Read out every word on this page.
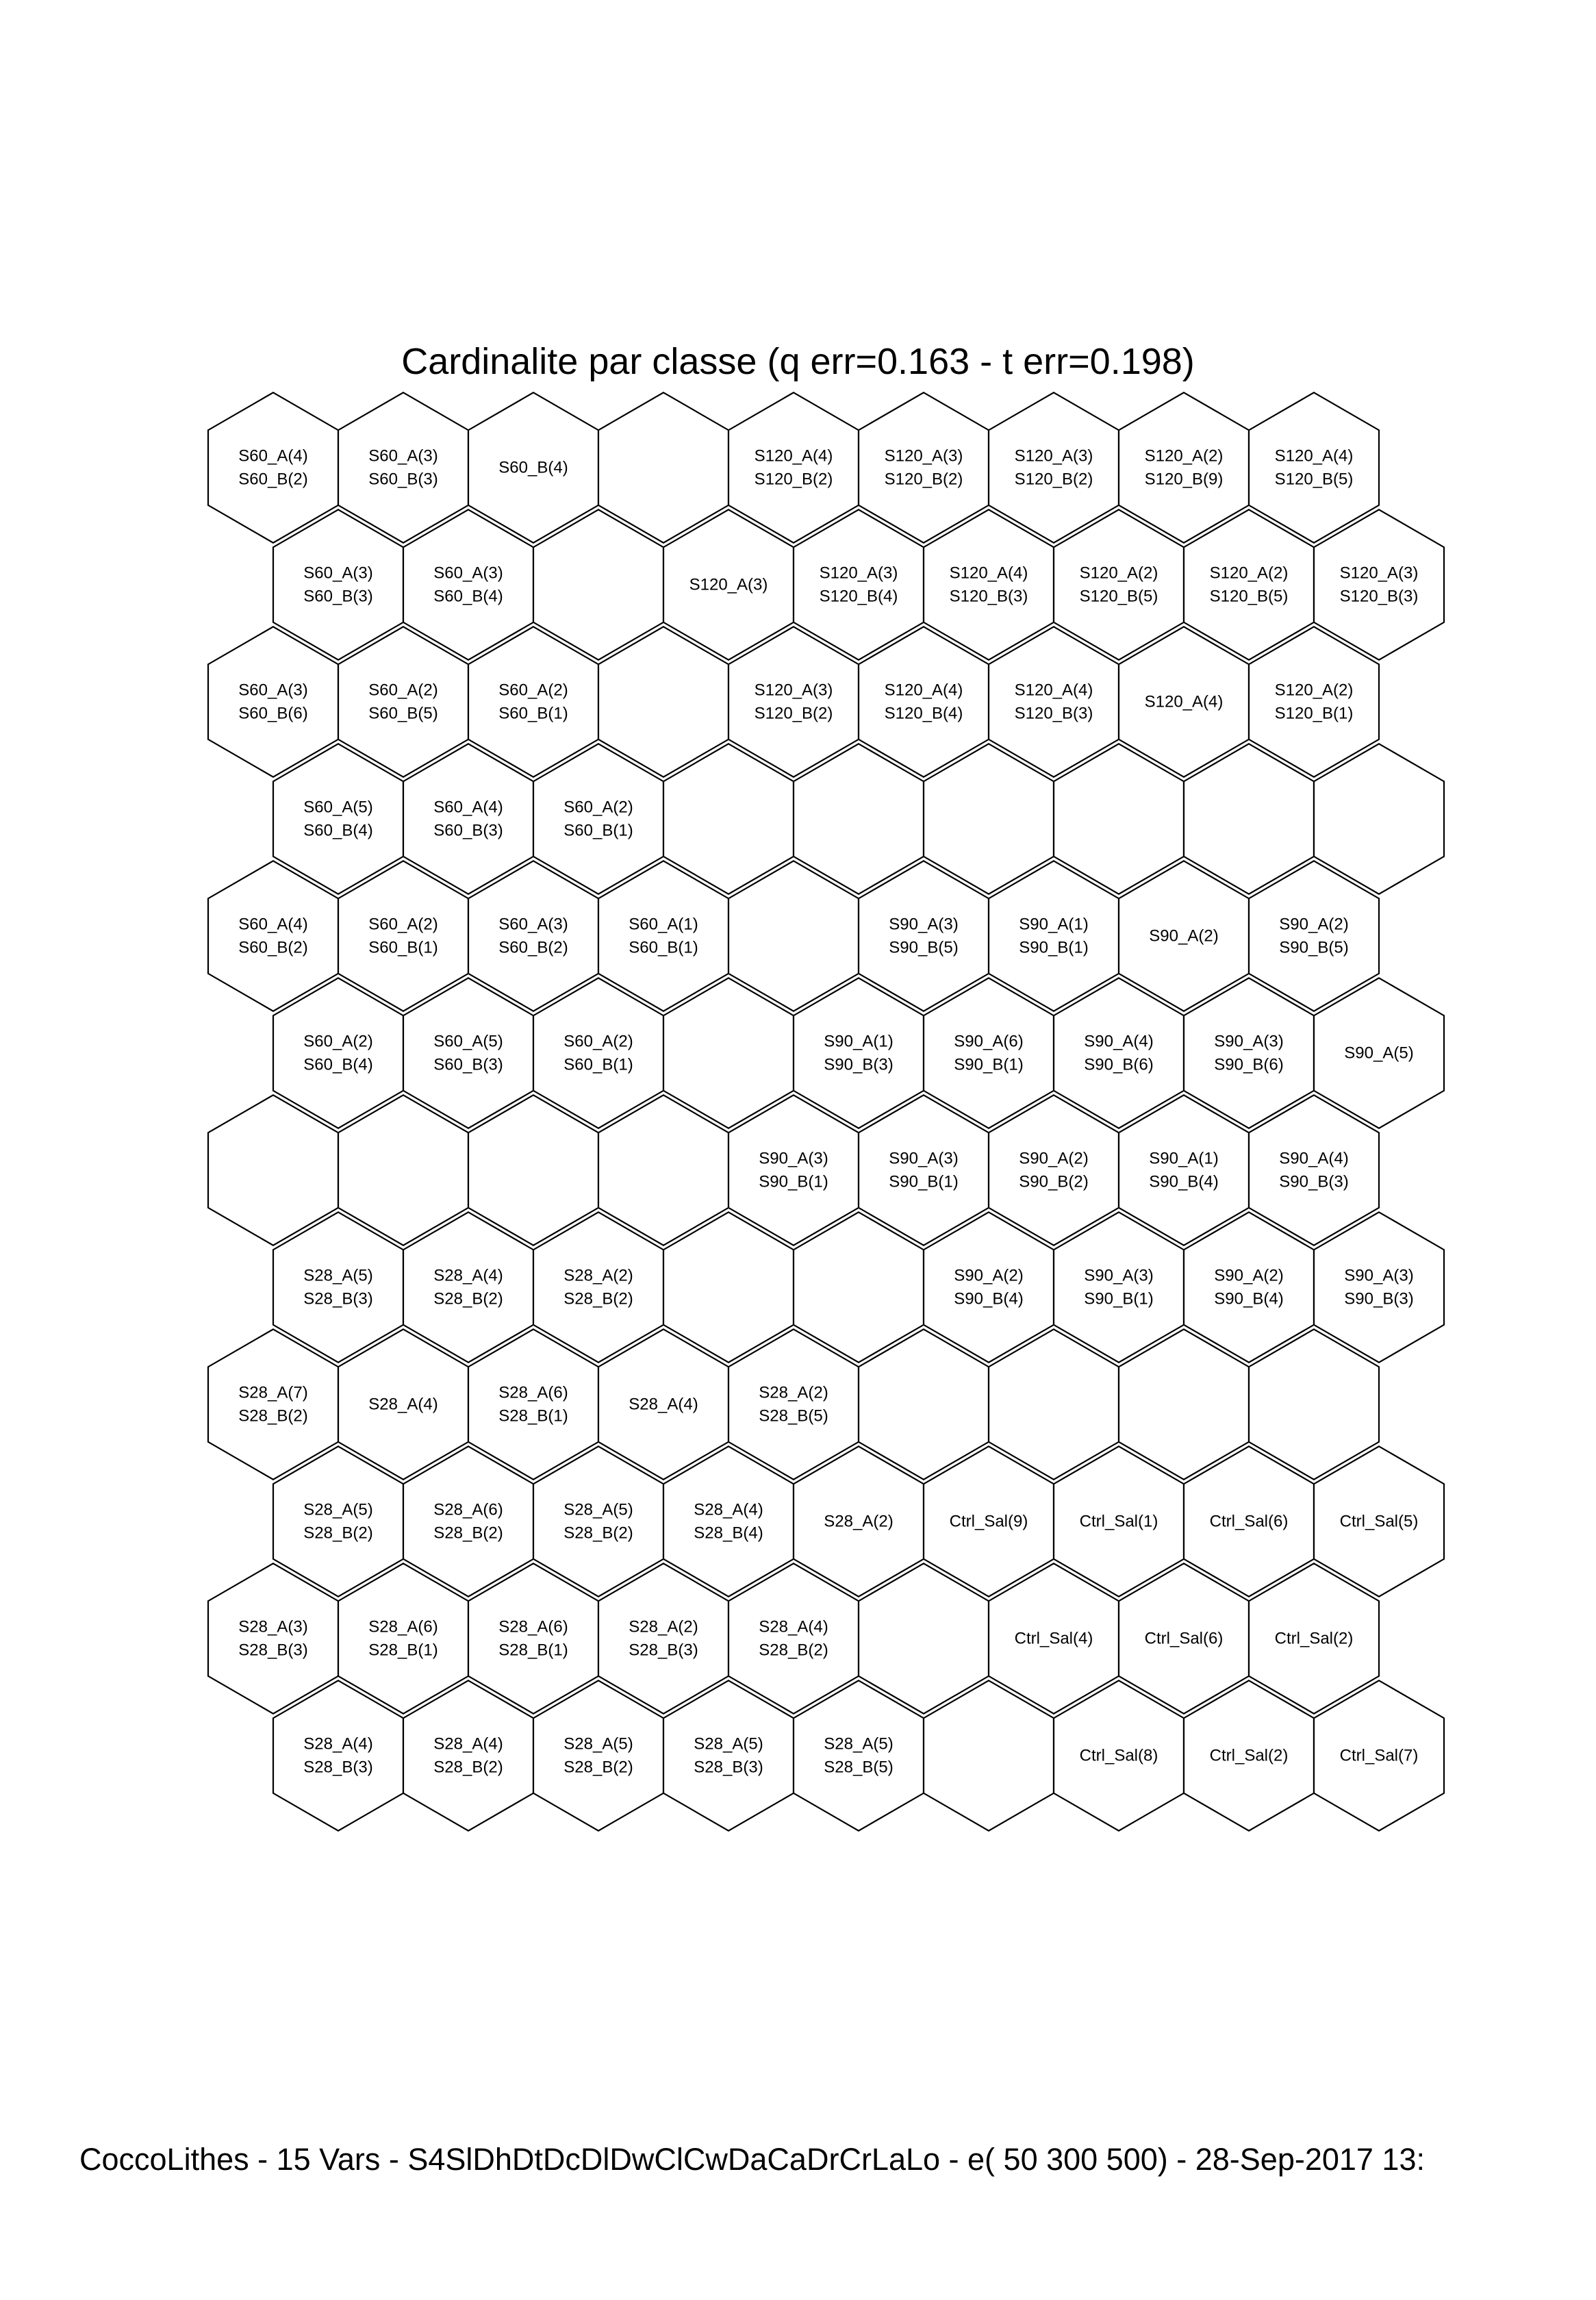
Cardinalite par classe (q err=0.163 - t err=0.198)
S60_A(4)
S60_B(2)
S60_A(3)
S60_B(3)
S60_B(4)
S120_A(4)
S120_B(2)
S120_A(3)
S120_B(2)
S120_A(3)
S120_B(2)
S120_A(2)
S120_B(9)
S120_A(4)
S120_B(5)
S60_A(3)
S60_B(3)
S60_A(3)
S60_B(4)
S120_A(3)
S120_A(3)
S120_B(4)
S120_A(4)
S120_B(3)
S120_A(2)
S120_B(5)
S120_A(2)
S120_B(5)
S120_A(3)
S120_B(3)
S60_A(3)
S60_B(6)
S60_A(2)
S60_B(5)
S60_A(2)
S60_B(1)
S120_A(3)
S120_B(2)
S120_A(4)
S120_B(4)
S120_A(4)
S120_B(3)
S120_A(4)
S120_A(2)
S120_B(1)
S60_A(5)
S60_B(4)
S60_A(4)
S60_B(3)
S60_A(2)
S60_B(1)
S60_A(4)
S60_B(2)
S60_A(2)
S60_B(1)
S60_A(3)
S60_B(2)
S60_A(1)
S60_B(1)
S90_A(3)
S90_B(5)
S90_A(1)
S90_B(1)
S90_A(2)
S90_A(2)
S90_B(5)
S60_A(2)
S60_B(4)
S60_A(5)
S60_B(3)
S60_A(2)
S60_B(1)
S90_A(1)
S90_B(3)
S90_A(6)
S90_B(1)
S90_A(4)
S90_B(6)
S90_A(3)
S90_B(6)
S90_A(5)
S90_A(3)
S90_B(1)
S90_A(3)
S90_B(1)
S90_A(2)
S90_B(2)
S90_A(1)
S90_B(4)
S90_A(4)
S90_B(3)
S28_A(5)
S28_B(3)
S28_A(4)
S28_B(2)
S28_A(2)
S28_B(2)
S90_A(2)
S90_B(4)
S90_A(3)
S90_B(1)
S90_A(2)
S90_B(4)
S90_A(3)
S90_B(3)
S28_A(7)
S28_B(2)
S28_A(4)
S28_A(6)
S28_B(1)
S28_A(4)
S28_A(2)
S28_B(5)
S28_A(5)
S28_B(2)
S28_A(6)
S28_B(2)
S28_A(5)
S28_B(2)
S28_A(4)
S28_B(4)
S28_A(2)	Ctrl_Sal(9)	Ctrl_Sal(1)	Ctrl_Sal(6)	Ctrl_Sal(5)
S28_A(3)
S28_B(3)
S28_A(6)
S28_B(1)
S28_A(6)
S28_B(1)
S28_A(2)
S28_B(3)
S28_A(4)
S28_B(2)
Ctrl_Sal(4)	Ctrl_Sal(6)	Ctrl_Sal(2)
S28_A(4)
S28_B(3)
S28_A(4)
S28_B(2)
S28_A(5)
S28_B(2)
S28_A(5)
S28_B(3)
S28_A(5)
S28_B(5)
Ctrl_Sal(8)	Ctrl_Sal(2)	Ctrl_Sal(7)
CoccoLithes - 15 Vars - S4SlDhDtDcDlDwClCwDaCaDrCrLaLo - e( 50 300 500) - 28-Sep-2017 13:
